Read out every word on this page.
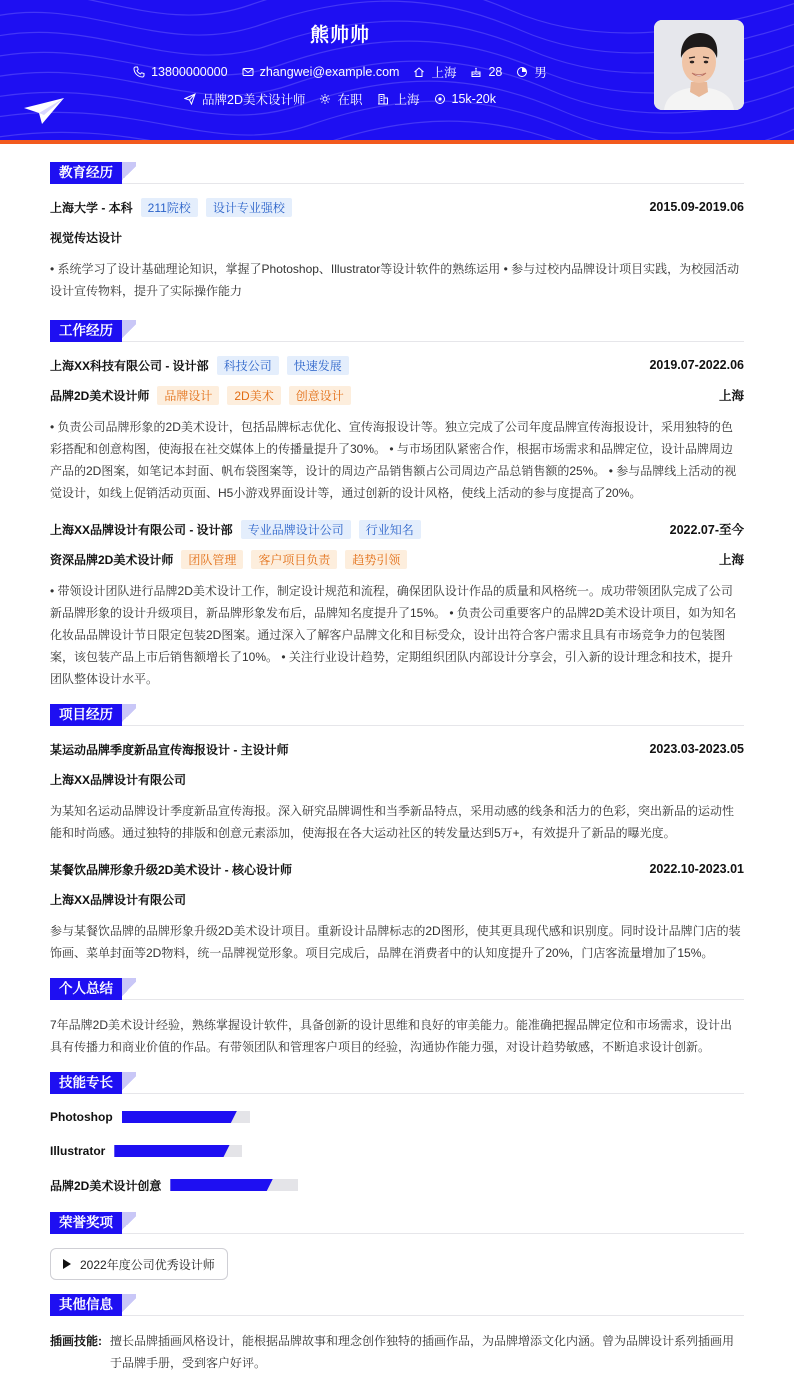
熊帅帅
13800000000	zhangwei@example.com	上海	28	男
品牌2D美术设计师	在职	上海	15k-20k
教育经历
上海大学 - 本科	211院校	设计专业强校	2015.09-2019.06
视觉传达设计
• 系统学习了设计基础理论知识，掌握了Photoshop、Illustrator等设计软件的熟练运用 • 参与过校内品牌设计项目实践，为校园活动设计宣传物料，提升了实际操作能力
工作经历
上海XX科技有限公司 - 设计部	科技公司	快速发展	2019.07-2022.06
品牌2D美术设计师	品牌设计	2D美术	创意设计	上海
• 负责公司品牌形象的2D美术设计，包括品牌标志优化、宣传海报设计等。独立完成了公司年度品牌宣传海报设计，采用独特的色彩搭配和创意构图，使海报在社交媒体上的传播量提升了30%。 • 与市场团队紧密合作，根据市场需求和品牌定位，设计品牌周边产品的2D图案，如笔记本封面、帆布袋图案等，设计的周边产品销售额占公司周边产品总销售额的25%。 • 参与品牌线上活动的视觉设计，如线上促销活动页面、H5小游戏界面设计等，通过创新的设计风格，使线上活动的参与度提高了20%。
上海XX品牌设计有限公司 - 设计部	专业品牌设计公司	行业知名	2022.07-至今
资深品牌2D美术设计师	团队管理	客户项目负责	趋势引领	上海
• 带领设计团队进行品牌2D美术设计工作，制定设计规范和流程，确保团队设计作品的质量和风格统一。成功带领团队完成了公司新品牌形象的设计升级项目，新品牌形象发布后，品牌知名度提升了15%。 • 负责公司重要客户的品牌2D美术设计项目，如为知名化妆品品牌设计节日限定包装2D图案。通过深入了解客户品牌文化和目标受众，设计出符合客户需求且具有市场竞争力的包装图案，该包装产品上市后销售额增长了10%。 • 关注行业设计趋势，定期组织团队内部设计分享会，引入新的设计理念和技术，提升团队整体设计水平。
项目经历
某运动品牌季度新品宣传海报设计 - 主设计师	2023.03-2023.05
上海XX品牌设计有限公司
为某知名运动品牌设计季度新品宣传海报。深入研究品牌调性和当季新品特点，采用动感的线条和活力的色彩，突出新品的运动性能和时尚感。通过独特的排版和创意元素添加，使海报在各大运动社区的转发量达到5万+，有效提升了新品的曝光度。
某餐饮品牌形象升级2D美术设计 - 核心设计师	2022.10-2023.01
上海XX品牌设计有限公司
参与某餐饮品牌的品牌形象升级2D美术设计项目。重新设计品牌标志的2D图形，使其更具现代感和识别度。同时设计品牌门店的装饰画、菜单封面等2D物料，统一品牌视觉形象。项目完成后，品牌在消费者中的认知度提升了20%，门店客流量增加了15%。
个人总结
7年品牌2D美术设计经验，熟练掌握设计软件，具备创新的设计思维和良好的审美能力。能准确把握品牌定位和市场需求，设计出具有传播力和商业价值的作品。有带领团队和管理客户项目的经验，沟通协作能力强，对设计趋势敏感，不断追求设计创新。
技能专长
Photoshop
Illustrator
品牌2D美术设计创意
荣誉奖项
2022年度公司优秀设计师
其他信息
插画技能: 擅长品牌插画风格设计，能根据品牌故事和理念创作独特的插画作品，为品牌增添文化内涵。曾为品牌设计系列插画用于品牌手册，受到客户好评。
